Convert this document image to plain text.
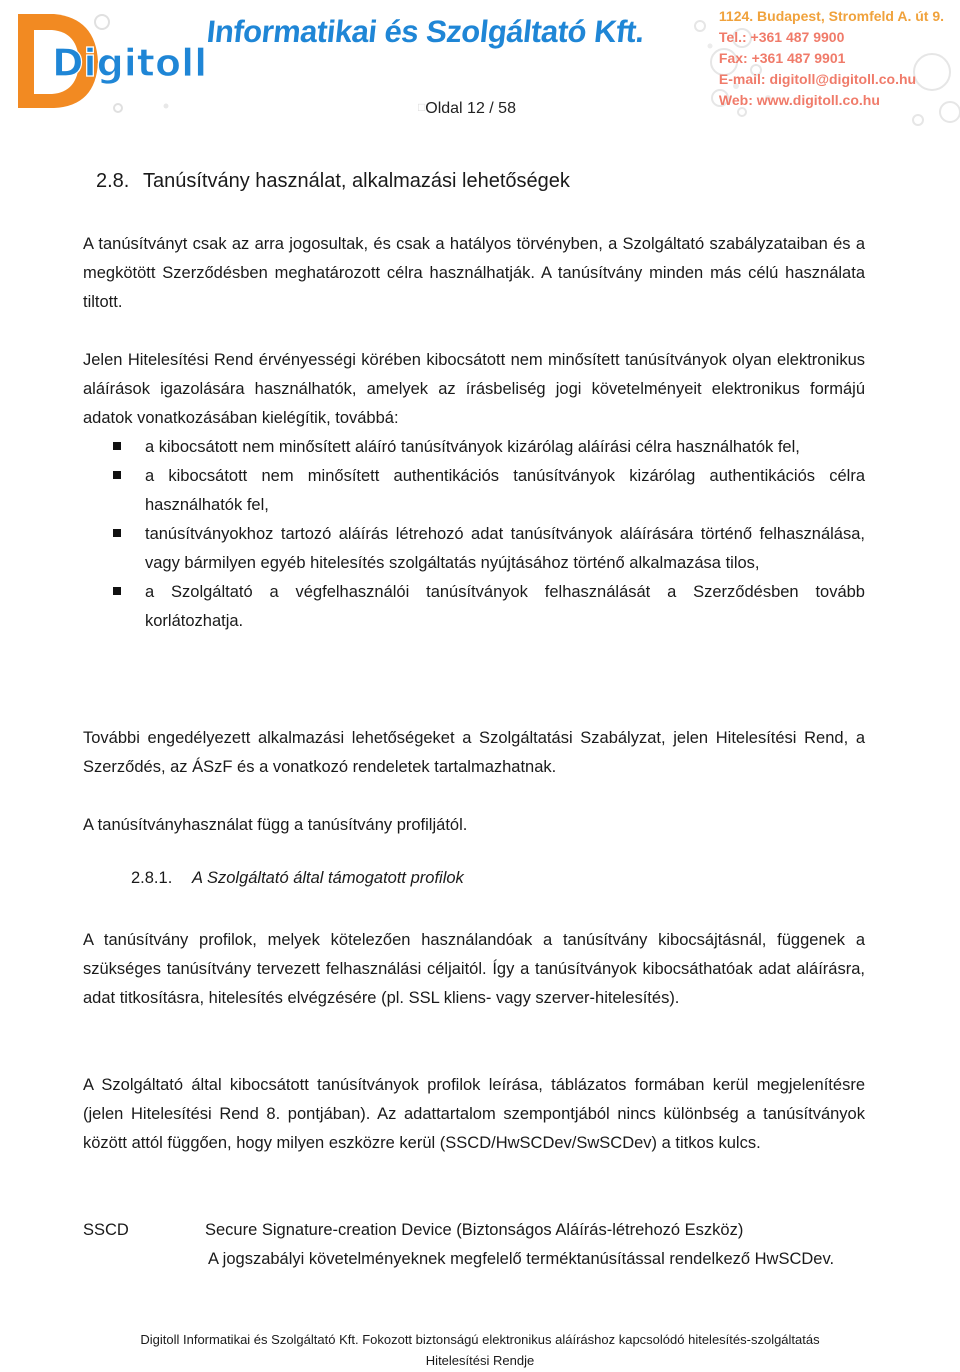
Digitoll
Informatikai és Szolgáltató Kft.	1124. Budapest, Stromfeld A. út 9.
Tel.: +361 487 9900
Fax: +361 487 9901
E-mail: digitoll@digitoll.co.hu
Web: www.digitoll.co.hu
□Oldal 12 / 58
2.8. Tanúsítvány használat, alkalmazási lehetőségek

A tanúsítványt csak az arra jogosultak, és csak a hatályos törvényben, a Szolgáltató szabályzataiban és a megkötött Szerződésben meghatározott célra használhatják. A tanúsítvány minden más célú használata tiltott.

Jelen Hitelesítési Rend érvényességi körében kibocsátott nem minősített tanúsítványok olyan elektronikus aláírások igazolására használhatók, amelyek az írásbeliség jogi követelményeit elektronikus formájú adatok vonatkozásában kielégítik, továbbá:

a kibocsátott nem minősített aláíró tanúsítványok kizárólag aláírási célra használhatók fel,
a kibocsátott nem minősített authentikációs tanúsítványok kizárólag authentikációs célra használhatók fel,
tanúsítványokhoz tartozó aláírás létrehozó adat tanúsítványok aláírására történő felhasználása, vagy bármilyen egyéb hitelesítés szolgáltatás nyújtásához történő alkalmazása tilos,
a Szolgáltató a végfelhasználói tanúsítványok felhasználását a Szerződésben tovább korlátozhatja.

További engedélyezett alkalmazási lehetőségeket a Szolgáltatási Szabályzat, jelen Hitelesítési Rend, a Szerződés, az ÁSzF és a vonatkozó rendeletek tartalmazhatnak.

A tanúsítványhasználat függ a tanúsítvány profiljától.

2.8.1. A Szolgáltató által támogatott profilok

A tanúsítvány profilok, melyek kötelezően használandóak a tanúsítvány kibocsájtásnál, függenek a szükséges tanúsítvány tervezett felhasználási céljaitól. Így a tanúsítványok kibocsáthatóak adat aláírásra, adat titkosításra, hitelesítés elvégzésére (pl. SSL kliens- vagy szerver-hitelesítés).

A Szolgáltató által kibocsátott tanúsítványok profilok leírása, táblázatos formában kerül megjelenítésre (jelen Hitelesítési Rend 8. pontjában). Az adattartalom szempontjából nincs különbség a tanúsítványok között attól függően, hogy milyen eszközre kerül (SSCD/HwSCDev/SwSCDev) a titkos kulcs.

SSCD	Secure Signature-creation Device (Biztonságos Aláírás-létrehozó Eszköz)
A jogszabályi követelményeknek megfelelő terméktanúsítással rendelkező HwSCDev.
Digitoll Informatikai és Szolgáltató Kft. Fokozott biztonságú elektronikus aláíráshoz kapcsolódó hitelesítés-szolgáltatás
Hitelesítési Rendje
